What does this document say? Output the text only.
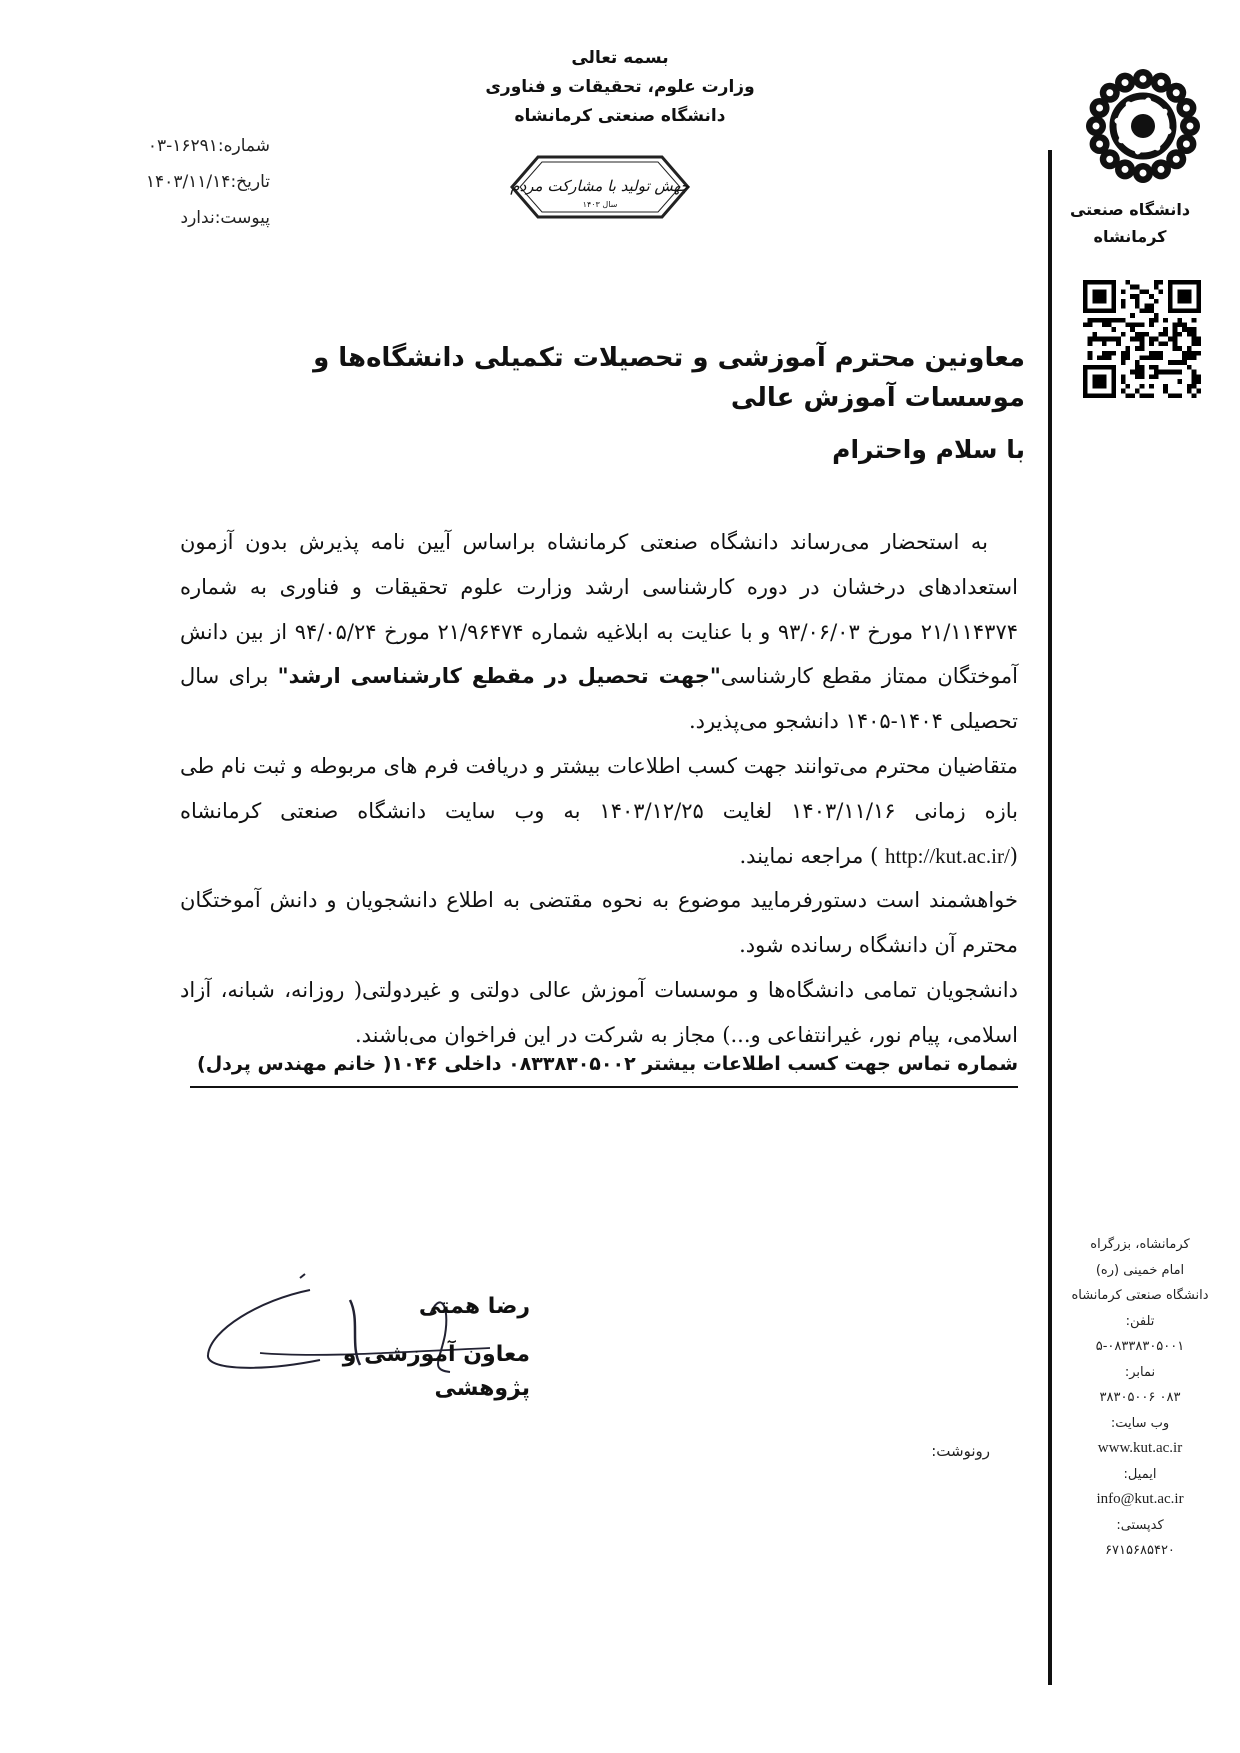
بسمه تعالی
وزارت علوم، تحقیقات و فناوری
دانشگاه صنعتی کرمانشاه
جهش تولید با مشارکت مردم
سال ۱۴۰۳
شماره:۱۶۲۹۱-۰۳
تاریخ:۱۴۰۳/۱۱/۱۴
پیوست:ندارد	دانشگاه صنعتی
کرمانشاه
معاونین محترم آموزشی و تحصیلات تکمیلی دانشگاه‌ها و موسسات آموزش عالی
با سلام واحترام

به استحضار می‌رساند دانشگاه صنعتی کرمانشاه براساس آیین نامه پذیرش بدون آزمون استعدادهای درخشان در دوره کارشناسی ارشد وزارت علوم تحقیقات و فناوری به شماره ۲۱/۱۱۴۳۷۴ مورخ ۹۳/۰۶/۰۳ و با عنایت به ابلاغیه شماره ۲۱/۹۶۴۷۴ مورخ ۹۴/۰۵/۲۴ از بین دانش آموختگان ممتاز مقطع کارشناسی"جهت تحصیل در مقطع کارشناسی ارشد" برای سال تحصیلی ۱۴۰۴-۱۴۰۵ دانشجو می‌پذیرد.

متقاضیان محترم می‌توانند جهت کسب اطلاعات بیشتر و دریافت فرم های مربوطه و ثبت نام طی بازه زمانی ۱۴۰۳/۱۱/۱۶ لغایت ۱۴۰۳/۱۲/۲۵ به وب سایت دانشگاه صنعتی کرمانشاه (http://kut.ac.ir/ ) مراجعه نمایند.

خواهشمند است دستورفرمایید موضوع به نحوه مقتضی به اطلاع دانشجویان و دانش آموختگان محترم آن دانشگاه رسانده شود.

دانشجویان تمامی دانشگاه‌ها و موسسات آموزش عالی دولتی و غیردولتی( روزانه، شبانه، آزاد اسلامی، پیام نور، غیرانتفاعی و...) مجاز به شرکت در این فراخوان می‌باشند.

شماره تماس جهت کسب اطلاعات بیشتر ۰۸۳۳۸۳۰۵۰۰۲ داخلی ۱۰۴۶( خانم مهندس پردل)
رضا همتی
معاون آموزشی و پژوهشی
رونوشت:
کرمانشاه، بزرگراه
امام خمینی (ره)
دانشگاه صنعتی کرمانشاه
تلفن:
۵-۰۸۳۳۸۳۰۵۰۰۱
نمابر:
۰۸۳ ۳۸۳۰۵۰۰۶
وب سایت:
www.kut.ac.ir
ایمیل:
info@kut.ac.ir
کدپستی:
۶۷۱۵۶۸۵۴۲۰
